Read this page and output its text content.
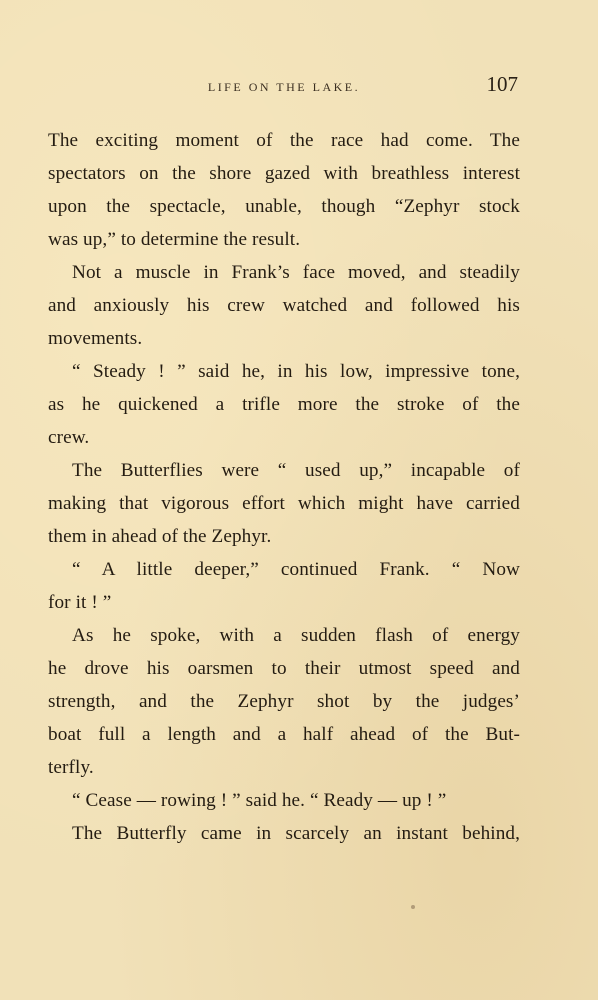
LIFE ON THE LAKE.	107
The exciting moment of the race had come. The
spectators on the shore gazed with breathless interest
upon the spectacle, unable, though “Zephyr stock
was up,” to determine the result.
Not a muscle in Frank’s face moved, and steadily
and anxiously his crew watched and followed his
movements.
“ Steady ! ” said he, in his low, impressive tone,
as he quickened a trifle more the stroke of the
crew.
The Butterflies were “ used up,” incapable of
making that vigorous effort which might have carried
them in ahead of the Zephyr.
“ A little deeper,” continued Frank. “ Now
for it ! ”
As he spoke, with a sudden flash of energy
he drove his oarsmen to their utmost speed and
strength, and the Zephyr shot by the judges’
boat full a length and a half ahead of the But-
terfly.
“ Cease — rowing ! ” said he. “ Ready — up ! ”
The Butterfly came in scarcely an instant behind,
